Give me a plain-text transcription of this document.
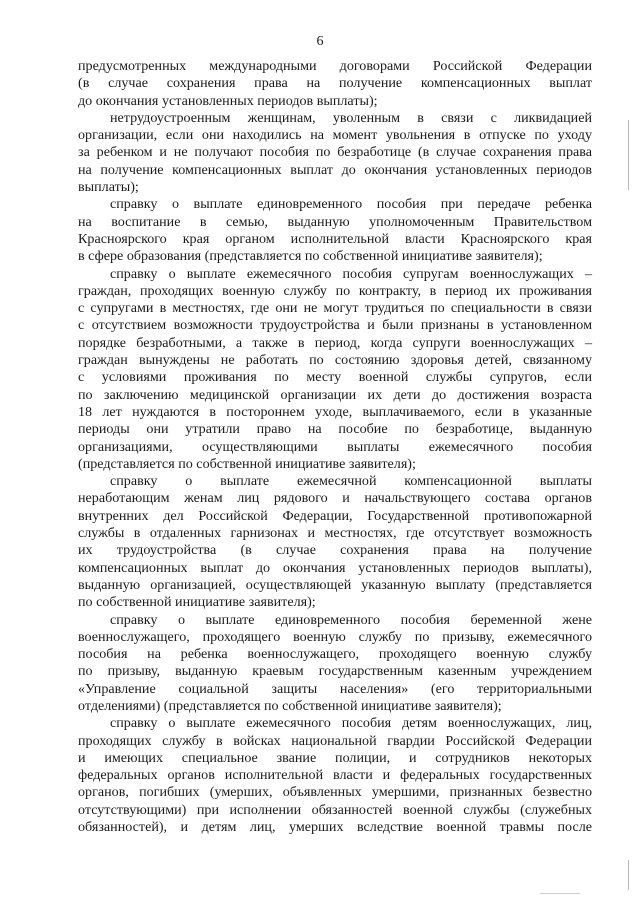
6
предусмотренных международными договорами Российской Федерации
(в случае сохранения права на получение компенсационных выплат
до окончания установленных периодов выплаты);
нетрудоустроенным женщинам, уволенным в связи с ликвидацией
организации, если они находились на момент увольнения в отпуске по уходу
за ребенком и не получают пособия по безработице (в случае сохранения права
на получение компенсационных выплат до окончания установленных периодов
выплаты);
справку о выплате единовременного пособия при передаче ребенка
на воспитание в семью, выданную уполномоченным Правительством
Красноярского края органом исполнительной власти Красноярского края
в сфере образования (представляется по собственной инициативе заявителя);
справку о выплате ежемесячного пособия супругам военнослужащих –
граждан, проходящих военную службу по контракту, в период их проживания
с супругами в местностях, где они не могут трудиться по специальности в связи
с отсутствием возможности трудоустройства и были признаны в установленном
порядке безработными, а также в период, когда супруги военнослужащих –
граждан вынуждены не работать по состоянию здоровья детей, связанному
с условиями проживания по месту военной службы супругов, если
по заключению медицинской организации их дети до достижения возраста
18 лет нуждаются в постороннем уходе, выплачиваемого, если в указанные
периоды они утратили право на пособие по безработице, выданную
организациями, осуществляющими выплаты ежемесячного пособия
(представляется по собственной инициативе заявителя);
справку о выплате ежемесячной компенсационной выплаты
неработающим женам лиц рядового и начальствующего состава органов
внутренних дел Российской Федерации, Государственной противопожарной
службы в отдаленных гарнизонах и местностях, где отсутствует возможность
их трудоустройства (в случае сохранения права на получение
компенсационных выплат до окончания установленных периодов выплаты),
выданную организацией, осуществляющей указанную выплату (представляется
по собственной инициативе заявителя);
справку о выплате единовременного пособия беременной жене
военнослужащего, проходящего военную службу по призыву, ежемесячного
пособия на ребенка военнослужащего, проходящего военную службу
по призыву, выданную краевым государственным казенным учреждением
«Управление социальной защиты населения» (его территориальными
отделениями) (представляется по собственной инициативе заявителя);
справку о выплате ежемесячного пособия детям военнослужащих, лиц,
проходящих службу в войсках национальной гвардии Российской Федерации
и имеющих специальное звание полиции, и сотрудников некоторых
федеральных органов исполнительной власти и федеральных государственных
органов, погибших (умерших, объявленных умершими, признанных безвестно
отсутствующими) при исполнении обязанностей военной службы (служебных
обязанностей), и детям лиц, умерших вследствие военной травмы после
